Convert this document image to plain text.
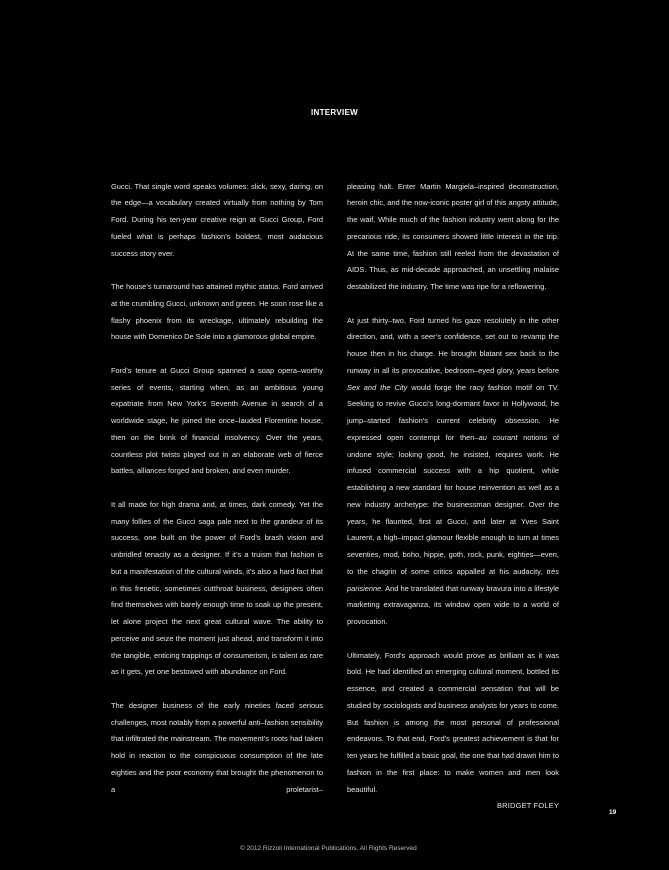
INTERVIEW

Gucci. That single word speaks volumes: slick, sexy, daring, on the edge—a vocabulary created virtually from nothing by Tom Ford. During his ten-year creative reign at Gucci Group, Ford fueled what is perhaps fashion’s boldest, most audacious success story ever.

The house’s turnaround has attained mythic status. Ford arrived at the crumbling Gucci, unknown and green. He soon rose like a flashy phoenix from its wreckage, ultimately rebuilding the house with Domenico De Sole into a glamorous global empire.

Ford’s tenure at Gucci Group spanned a soap opera–worthy series of events, starting when, as an ambitious young expatriate from New York’s Seventh Avenue in search of a worldwide stage, he joined the once–lauded Florentine house, then on the brink of financial insolvency. Over the years, countless plot twists played out in an elaborate web of fierce battles, alliances forged and broken, and even murder.

It all made for high drama and, at times, dark comedy. Yet the many follies of the Gucci saga pale next to the grandeur of its success, one built on the power of Ford’s brash vision and unbridled tenacity as a designer. If it’s a truism that fashion is but a manifestation of the cultural winds, it’s also a hard fact that in this frenetic, sometimes cutthroat business, designers often find themselves with barely enough time to soak up the present, let alone project the next great cultural wave. The ability to perceive and seize the moment just ahead, and transform it into the tangible, enticing trappings of consumerism, is talent as rare as it gets, yet one bestowed with abundance on Ford.

The designer business of the early nineties faced serious challenges, most notably from a powerful anti–fashion sensibility that infiltrated the mainstream. The movement’s roots had taken hold in reaction to the conspicuous consumption of the late eighties and the poor economy that brought the phenomenon to a proletarist–

pleasing halt. Enter Martin Margiela–inspired deconstruction, heroin chic, and the now-iconic poster girl of this angsty attitude, the waif. While much of the fashion industry went along for the precarious ride, its consumers showed little interest in the trip. At the same time, fashion still reeled from the devastation of AIDS. Thus, as mid-decade approached, an unsettling malaise destabilized the industry. The time was ripe for a reflowering.

At just thirty–two, Ford turned his gaze resolutely in the other direction, and, with a seer’s confidence, set out to revamp the house then in his charge. He brought blatant sex back to the runway in all its provocative, bedroom–eyed glory, years before Sex and the City would forge the racy fashion motif on TV. Seeking to revive Gucci’s long-dormant favor in Hollywood, he jump–started fashion’s current celebrity obsession. He expressed open contempt for then–au courant notions of undone style; looking good, he insisted, requires work. He infused commercial success with a hip quotient, while establishing a new standard for house reinvention as well as a new industry archetype: the businessman designer. Over the years, he flaunted, first at Gucci, and later at Yves Saint Laurent, a high–impact glamour flexible enough to turn at times seventies, mod, boho, hippie, goth, rock, punk, eighties—even, to the chagrin of some critics appalled at his audacity, très parisienne. And he translated that runway bravura into a lifestyle marketing extravaganza, its window open wide to a world of provocation.

Ultimately, Ford’s approach would prove as brilliant as it was bold. He had identified an emerging cultural moment, bottled its essence, and created a commercial sensation that will be studied by sociologists and business analysts for years to come. But fashion is among the most personal of professional endeavors. To that end, Ford’s greatest achievement is that for ten years he fulfilled a basic goal, the one that had drawn him to fashion in the first place: to make women and men look beautiful.

BRIDGET FOLEY
19
© 2012 Rizzoli International Publications. All Rights Reserved
